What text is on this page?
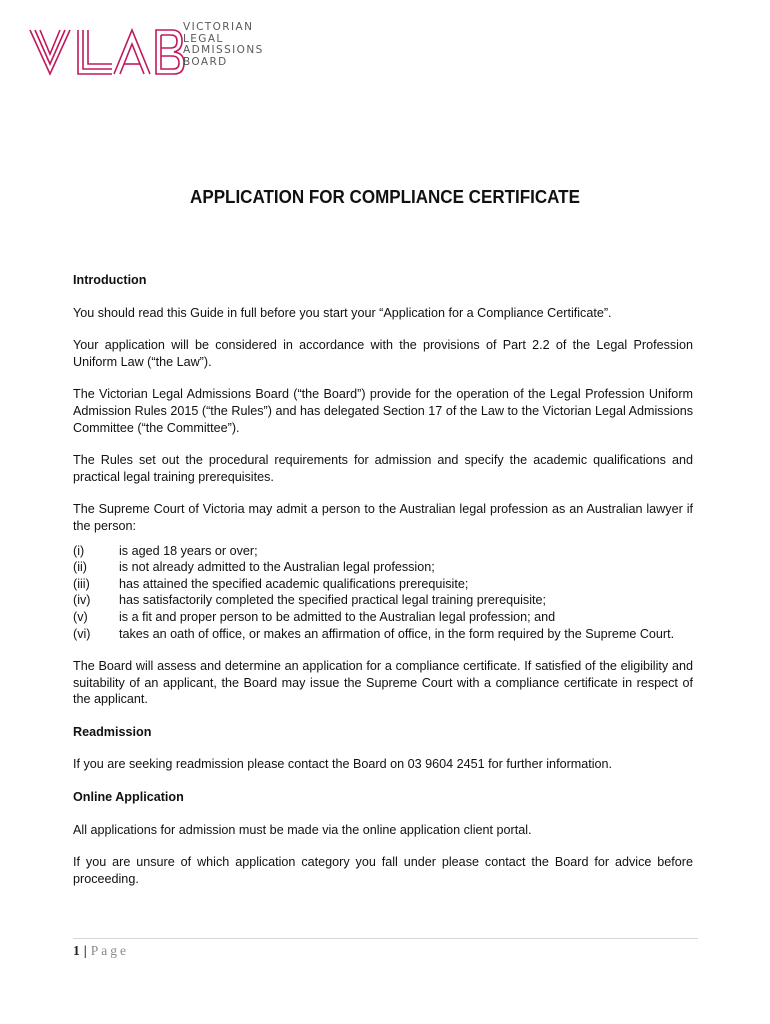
VICTORIAN
LEGAL
ADMISSIONS
BOARD
APPLICATION FOR COMPLIANCE CERTIFICATE
Introduction

You should read this Guide in full before you start your “Application for a Compliance Certificate”.

Your application will be considered in accordance with the provisions of Part 2.2 of the Legal Profession Uniform Law (“the Law”).

The Victorian Legal Admissions Board (“the Board”) provide for the operation of the Legal Profession Uniform Admission Rules 2015 (“the Rules”) and has delegated Section 17 of the Law to the Victorian Legal Admissions Committee (“the Committee”).

The Rules set out the procedural requirements for admission and specify the academic qualifications and practical legal training prerequisites.

The Supreme Court of Victoria may admit a person to the Australian legal profession as an Australian lawyer if the person:

(i)	is aged 18 years or over;
(ii)	is not already admitted to the Australian legal profession;
(iii) has attained the specified academic qualifications prerequisite;
(iv) has satisfactorily completed the specified practical legal training prerequisite;
(v) is a fit and proper person to be admitted to the Australian legal profession; and
(vi) takes an oath of office, or makes an affirmation of office, in the form required by the Supreme Court.

The Board will assess and determine an application for a compliance certificate. If satisfied of the eligibility and suitability of an applicant, the Board may issue the Supreme Court with a compliance certificate in respect of the applicant.

Readmission

If you are seeking readmission please contact the Board on 03 9604 2451 for further information.

Online Application

All applications for admission must be made via the online application client portal.

If you are unsure of which application category you fall under please contact the Board for advice before proceeding.

1 | Page
